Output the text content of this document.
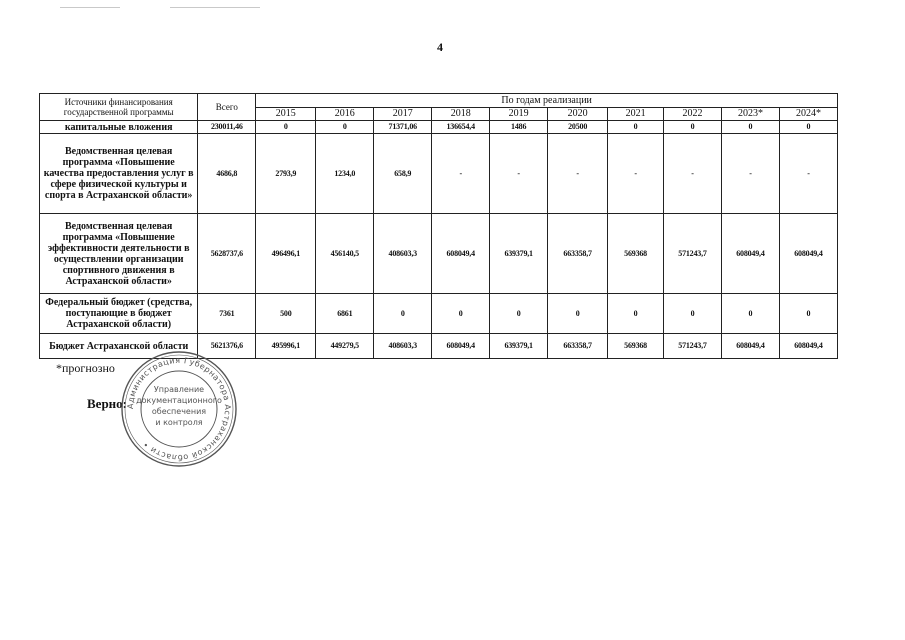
4
Источники финансирования государственной программы	Всего	По годам реализации									
		2015	2016	2017	2018	2019	2020	2021	2022	2023*	2024*
капитальные вложения	230011,46	0	0	71371,06	136654,4	1486	20500	0	0	0	0
Ведомственная целевая программа «Повышение качества предоставления услуг в сфере физической культуры и спорта в Астраханской области»	4686,8	2793,9	1234,0	658,9	-	-	-	-	-	-	-
Ведомственная целевая программа «Повышение эффективности деятельности в осуществлении организации спортивного движения в Астраханской области»	5628737,6	496496,1	456140,5	408603,3	608049,4	639379,1	663358,7	569368	571243,7	608049,4	608049,4
Федеральный бюджет (средства, поступающие в бюджет Астраханской области)	7361	500	6861	0	0	0	0	0	0	0	0
Бюджет Астраханской области	5621376,6	495996,1	449279,5	408603,3	608049,4	639379,1	663358,7	569368	571243,7	608049,4	608049,4
*прогнозно
Верно:
Администрация Губернатора Астраханской области •
Управление
документационного
обеспечения
и контроля
